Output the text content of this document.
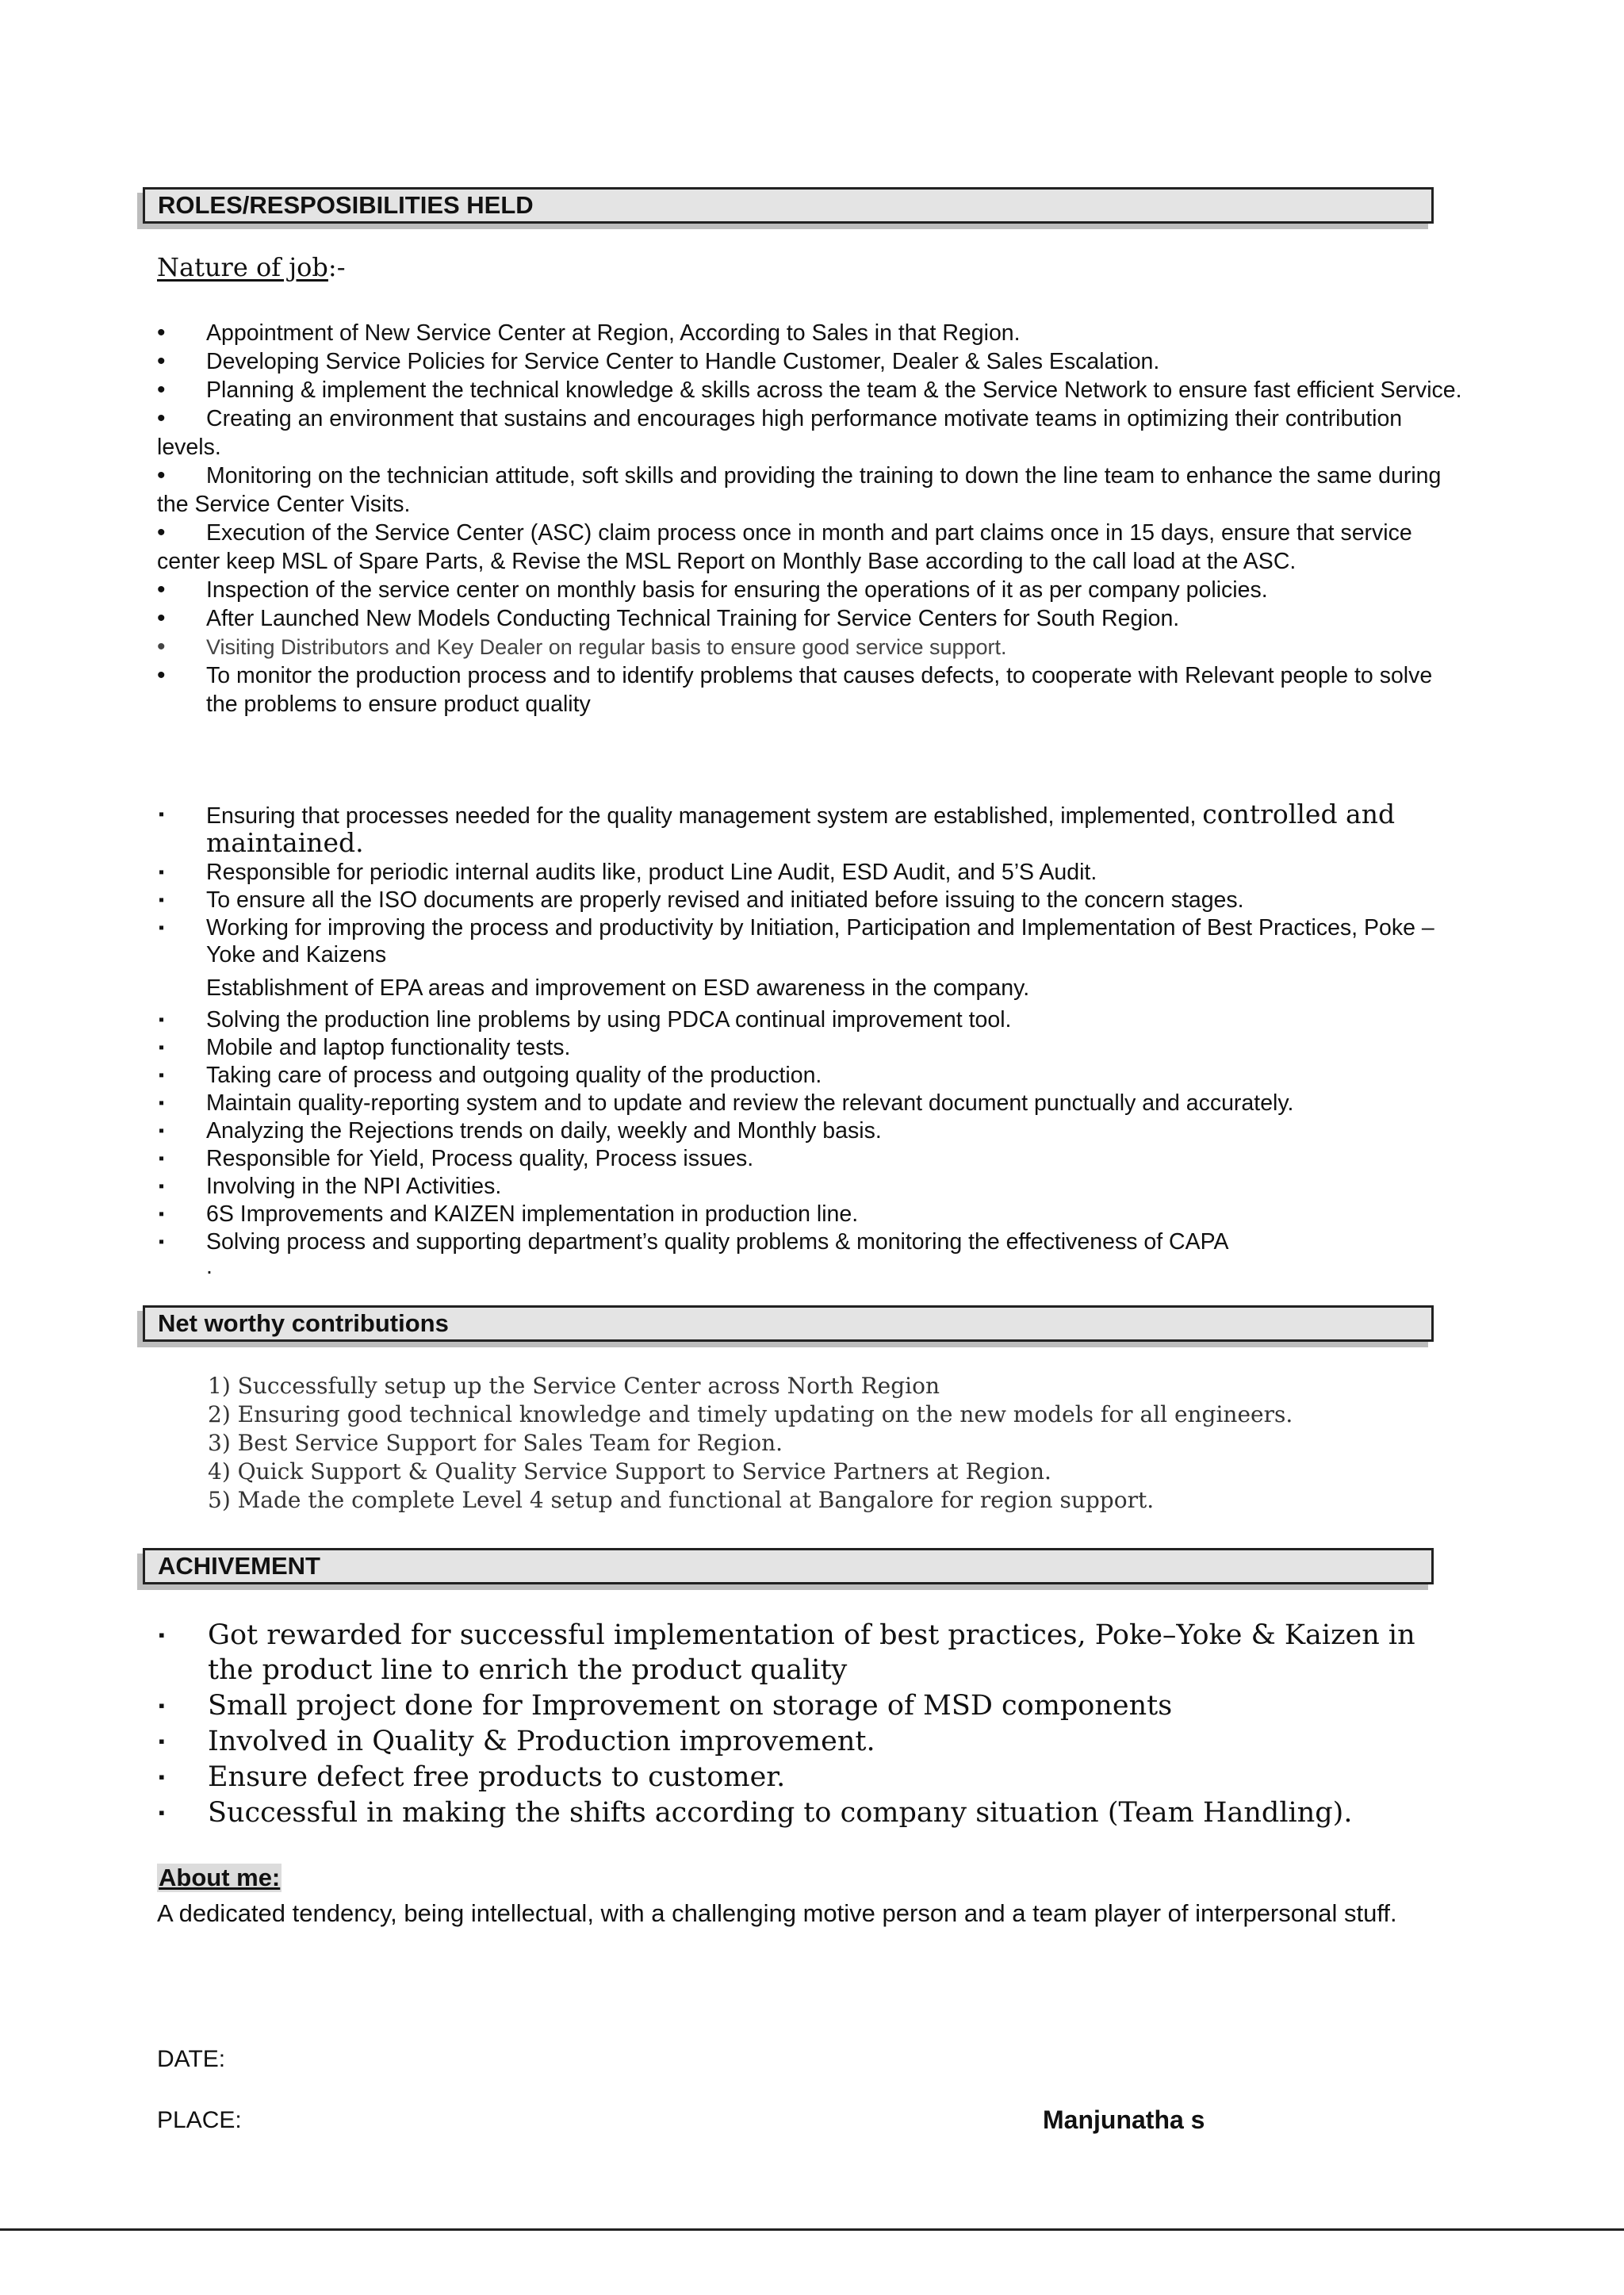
ROLES/RESPOSIBILITIES HELD
Nature of job:-
• Appointment of New Service Center at Region, According to Sales in that Region.
• Developing Service Policies for Service Center to Handle Customer, Dealer & Sales Escalation.
• Planning & implement the technical knowledge & skills across the team & the Service Network to ensure fast efficient Service.
• Creating an environment that sustains and encourages high performance motivate teams in optimizing their contribution levels.
• Monitoring on the technician attitude, soft skills and providing the training to down the line team to enhance the same during the Service Center Visits.
• Execution of the Service Center (ASC) claim process once in month and part claims once in 15 days, ensure that service center keep MSL of Spare Parts, & Revise the MSL Report on Monthly Base according to the call load at the ASC.
• Inspection of the service center on monthly basis for ensuring the operations of it as per company policies.
• After Launched New Models Conducting Technical Training for Service Centers for South Region.
• Visiting Distributors and Key Dealer on regular basis to ensure good service support.
• To monitor the production process and to identify problems that causes defects, to cooperate with Relevant people to solve the problems to ensure product quality
▪ Ensuring that processes needed for the quality management system are established, implemented, controlled and maintained.
▪ Responsible for periodic internal audits like, product Line Audit, ESD Audit, and 5’S Audit.
▪ To ensure all the ISO documents are properly revised and initiated before issuing to the concern stages.
▪ Working for improving the process and productivity by Initiation, Participation and Implementation of Best Practices, Poke – Yoke and Kaizens
Establishment of EPA areas and improvement on ESD awareness in the company.
▪ Solving the production line problems by using PDCA continual improvement tool.
▪ Mobile and laptop functionality tests.
▪ Taking care of process and outgoing quality of the production.
▪ Maintain quality-reporting system and to update and review the relevant document punctually and accurately.
▪ Analyzing the Rejections trends on daily, weekly and Monthly basis.
▪ Responsible for Yield, Process quality, Process issues.
▪ Involving in the NPI Activities.
▪ 6S Improvements and KAIZEN implementation in production line.
▪ Solving process and supporting department’s quality problems & monitoring the effectiveness of CAPA
.
Net worthy contributions
1) Successfully setup up the Service Center across North Region
2) Ensuring good technical knowledge and timely updating on the new models for all engineers.
3) Best Service Support for Sales Team for Region.
4) Quick Support & Quality Service Support to Service Partners at Region.
5) Made the complete Level 4 setup and functional at Bangalore for region support.
ACHIVEMENT
▪ Got rewarded for successful implementation of best practices, Poke–Yoke & Kaizen in the product line to enrich the product quality
▪ Small project done for Improvement on storage of MSD components
▪ Involved in Quality & Production improvement.
▪ Ensure defect free products to customer.
▪ Successful in making the shifts according to company situation (Team Handling).
About me:
A dedicated tendency, being intellectual, with a challenging motive person and a team player of interpersonal stuff.
DATE:
PLACE:	Manjunatha s
